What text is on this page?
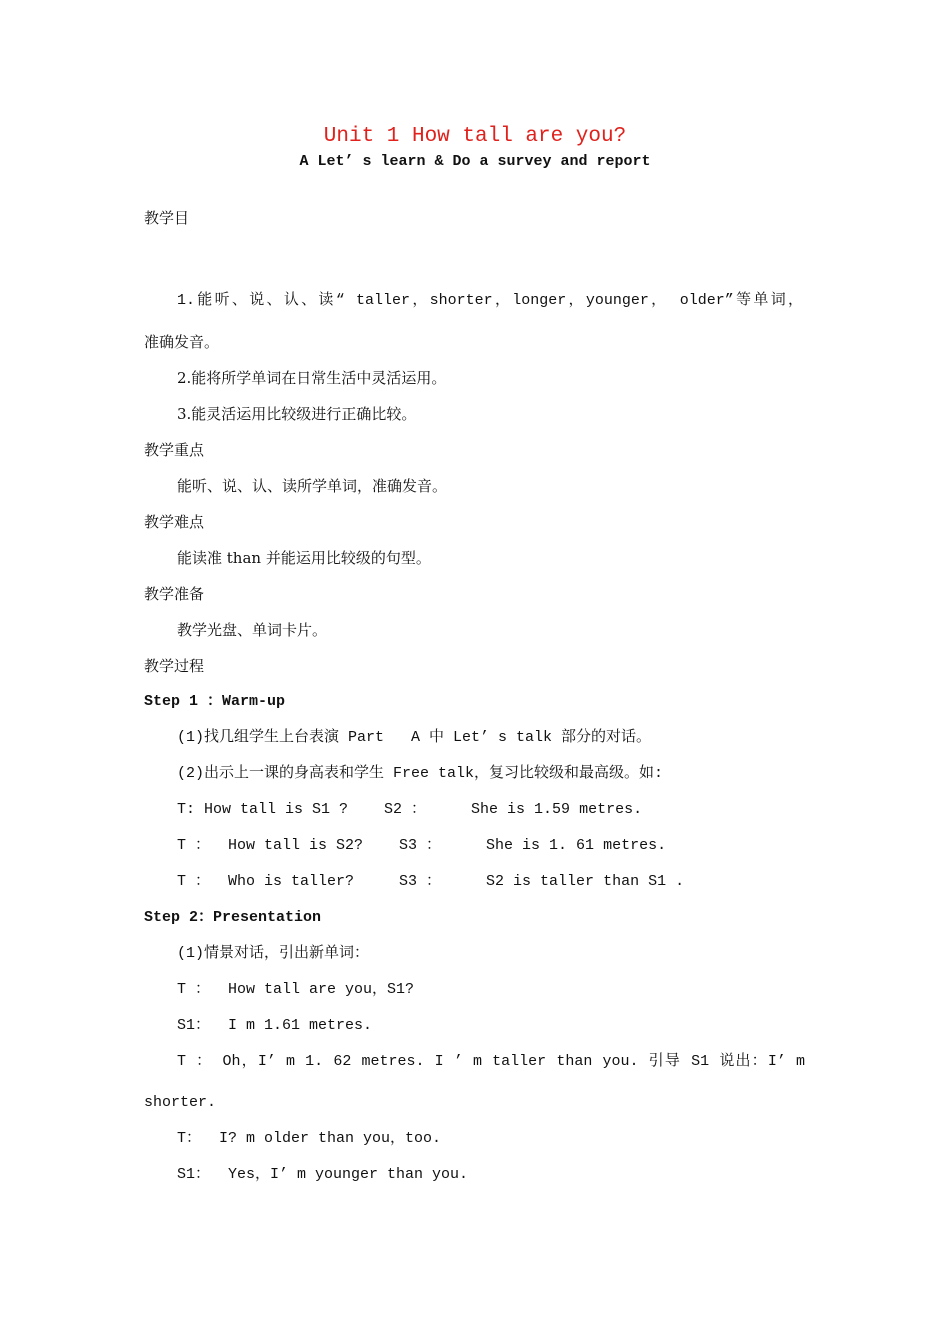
Unit 1 How tall are you?
A Let’ s learn & Do a survey and report
教学目
1.能听、说、认、读“ taller，shorter，longer，younger， older”等单词，
准确发音。
2.能将所学单词在日常生活中灵活运用。
3.能灵活运用比较级进行正确比较。
教学重点
能听、说、认、读所学单词，准确发音。
教学难点
能读准 than 并能运用比较级的句型。
教学准备
教学光盘、单词卡片。
教学过程
Step 1 ：Warm-up
(1)找几组学生上台表演 Part   A 中 Let’ s talk 部分的对话。
(2)出示上一课的身高表和学生 Free talk，复习比较级和最高级。如:
T: How tall is S1 ?    S2 ：     She is 1.59 metres.
T ：  How tall is S2?    S3 ：     She is 1. 61 metres.
T ：  Who is taller?     S3 ：     S2 is taller than S1 .
Step 2：Presentation
(1)情景对话，引出新单词：
T ：  How tall are you，S1?
S1：  I m 1.61 metres.
T ： Oh，I’ m 1. 62 metres. I ’ m taller than you. 引导 S1 说出：I’ m
shorter.
T：  I? m older than you，too.
S1：  Yes，I’ m younger than you.
